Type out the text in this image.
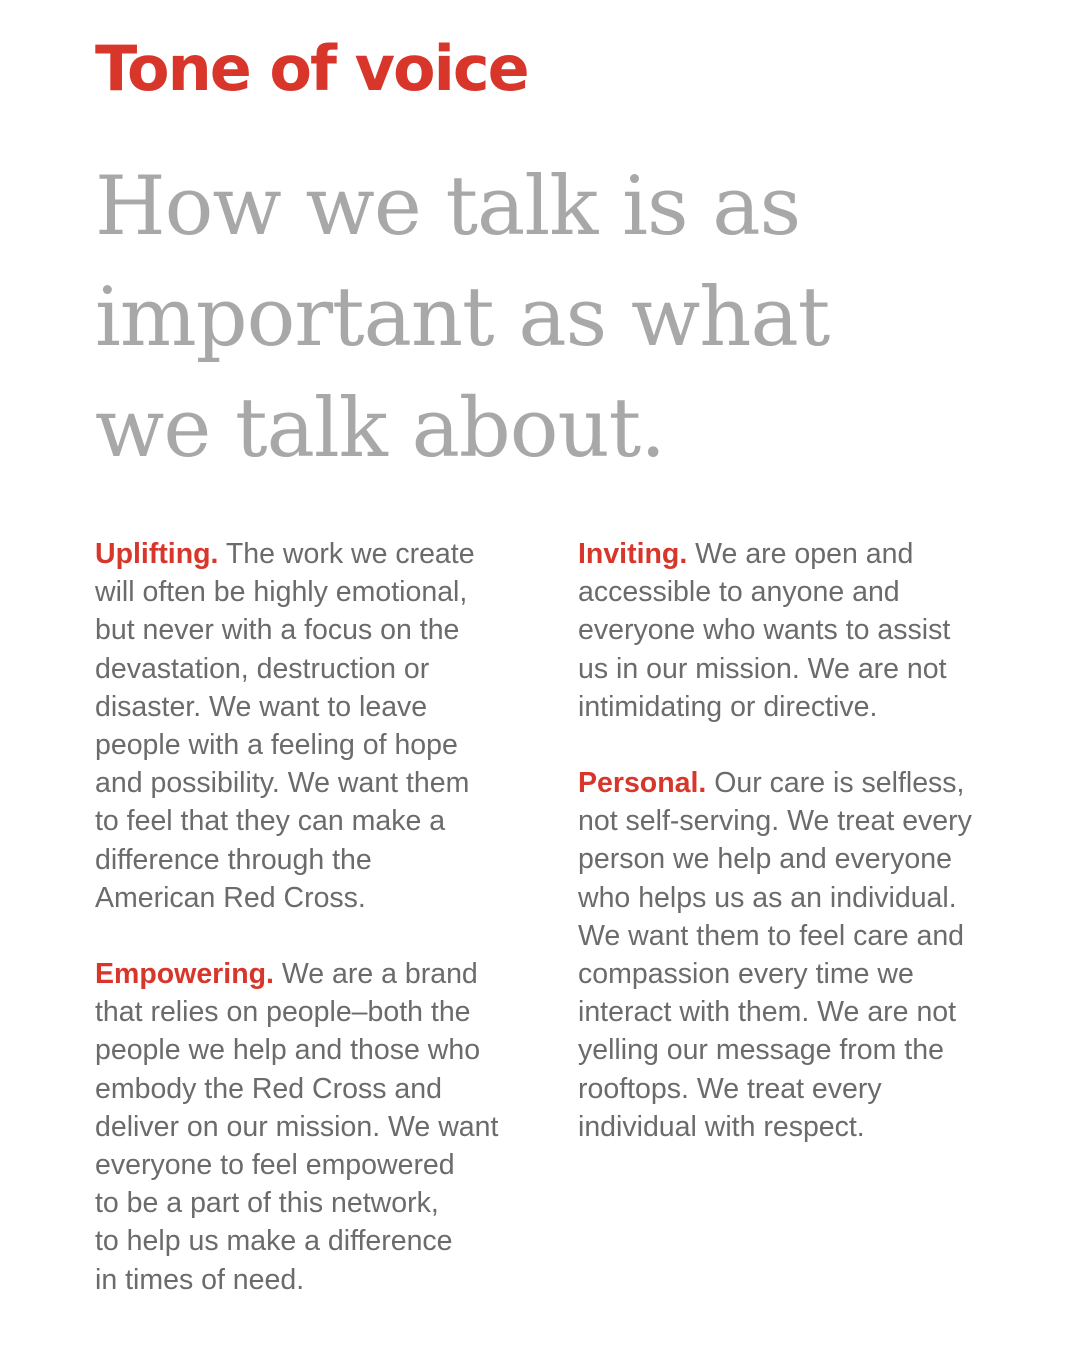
Tone of voice
How we talk is as
important as what
we talk about.

Uplifting. The work we create
will often be highly emotional,
but never with a focus on the
devastation, destruction or
disaster. We want to leave
people with a feeling of hope
and possibility. We want them
to feel that they can make a
difference through the
American Red Cross.

Empowering. We are a brand
that relies on people–both the
people we help and those who
embody the Red Cross and
deliver on our mission. We want
everyone to feel empowered
to be a part of this network,
to help us make a difference
in times of need.

Inviting. We are open and
accessible to anyone and
everyone who wants to assist
us in our mission. We are not
intimidating or directive.

Personal. Our care is selfless,
not self-serving. We treat every
person we help and everyone
who helps us as an individual.
We want them to feel care and
compassion every time we
interact with them. We are not
yelling our message from the
rooftops. We treat every
individual with respect.
